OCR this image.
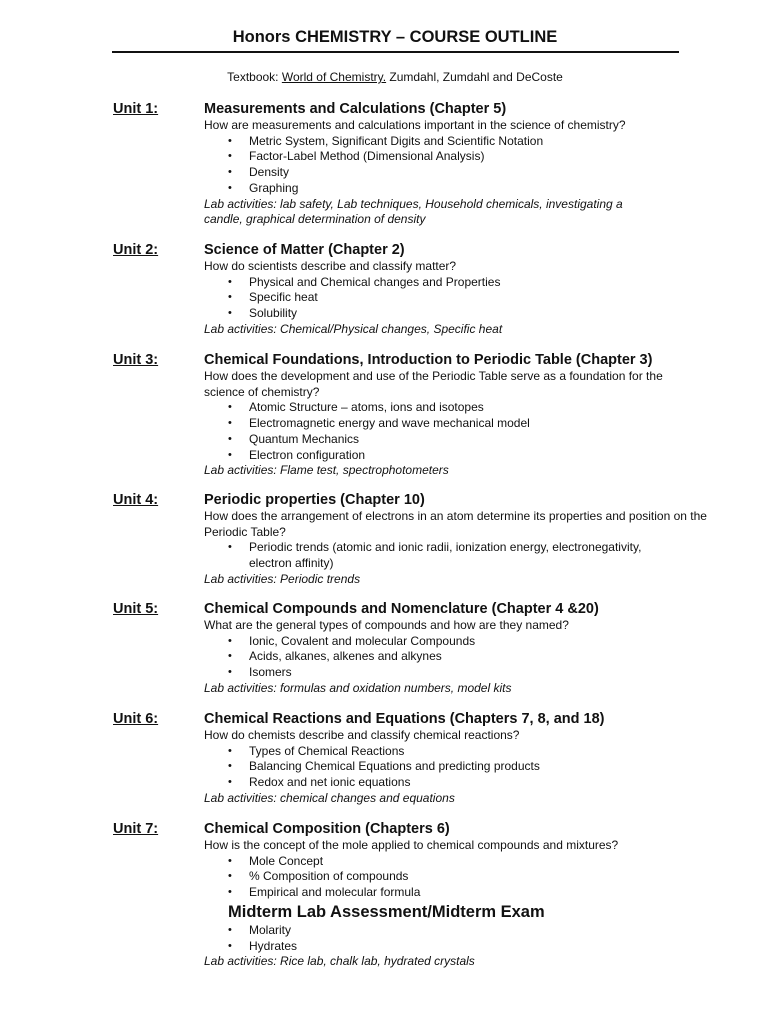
Honors CHEMISTRY – COURSE OUTLINE
Textbook: World of Chemistry. Zumdahl, Zumdahl and DeCoste
Unit 1:	Measurements and Calculations (Chapter 5)
How are measurements and calculations important in the science of chemistry?
• Metric System, Significant Digits and Scientific Notation
• Factor-Label Method (Dimensional Analysis)
• Density
• Graphing
Lab activities: lab safety, Lab techniques, Household chemicals, investigating a candle, graphical determination of density
Unit 2:	Science of Matter (Chapter 2)
How do scientists describe and classify matter?
• Physical and Chemical changes and Properties
• Specific heat
• Solubility
Lab activities: Chemical/Physical changes, Specific heat
Unit 3:	Chemical Foundations, Introduction to Periodic Table (Chapter 3)
How does the development and use of the Periodic Table serve as a foundation for the science of chemistry?
• Atomic Structure – atoms, ions and isotopes
• Electromagnetic energy and wave mechanical model
• Quantum Mechanics
• Electron configuration
Lab activities: Flame test, spectrophotometers
Unit 4:	Periodic properties (Chapter 10)
How does the arrangement of electrons in an atom determine its properties and position on the Periodic Table?
• Periodic trends (atomic and ionic radii, ionization energy, electronegativity, electron affinity)
Lab activities: Periodic trends
Unit 5:	Chemical Compounds and Nomenclature (Chapter 4 &20)
What are the general types of compounds and how are they named?
• Ionic, Covalent and molecular Compounds
• Acids, alkanes, alkenes and alkynes
• Isomers
Lab activities: formulas and oxidation numbers, model kits
Unit 6:	Chemical Reactions and Equations (Chapters 7, 8, and 18)
How do chemists describe and classify chemical reactions?
• Types of Chemical Reactions
• Balancing Chemical Equations and predicting products
• Redox and net ionic equations
Lab activities: chemical changes and equations
Unit 7:	Chemical Composition (Chapters 6)
How is the concept of the mole applied to chemical compounds and mixtures?
• Mole Concept
• % Composition of compounds
• Empirical and molecular formula
Midterm Lab Assessment/Midterm Exam
• Molarity
• Hydrates
Lab activities: Rice lab, chalk lab, hydrated crystals
